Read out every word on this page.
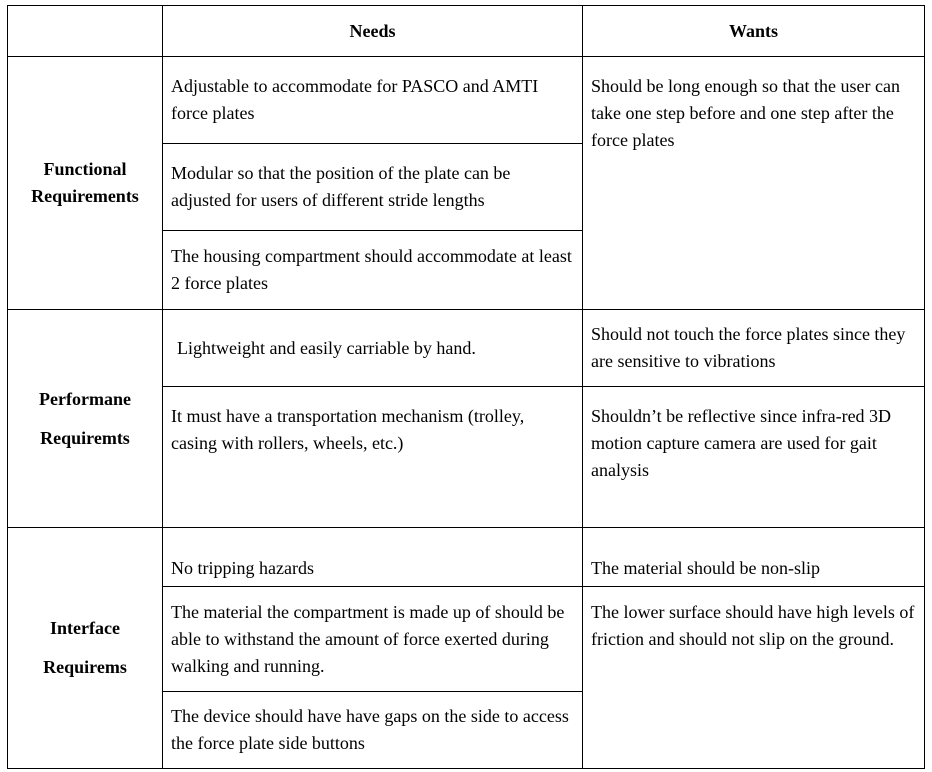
	Needs	Wants

Functional
Requirements	Adjustable to accommodate for PASCO and AMTI force plates	Should be long enough so that the user can take one step before and one step after the force plates
	Modular so that the position of the plate can be adjusted for users of different stride lengths	
	The housing compartment should accommodate at least 2 force plates	

Performane
Requiremts	Lightweight and easily carriable by hand.	Should not touch the force plates since they are sensitive to vibrations
	It must have a transportation mechanism (trolley, casing with rollers, wheels, etc.)	Shouldn’t be reflective since infra-red 3D motion capture camera are used for gait analysis

Interface
Requirems	No tripping hazards	The material should be non-slip
	The material the compartment is made up of should be able to withstand the amount of force exerted during walking and running.	The lower surface should have high levels of friction and should not slip on the ground.
	The device should have have gaps on the side to access the force plate side buttons	
